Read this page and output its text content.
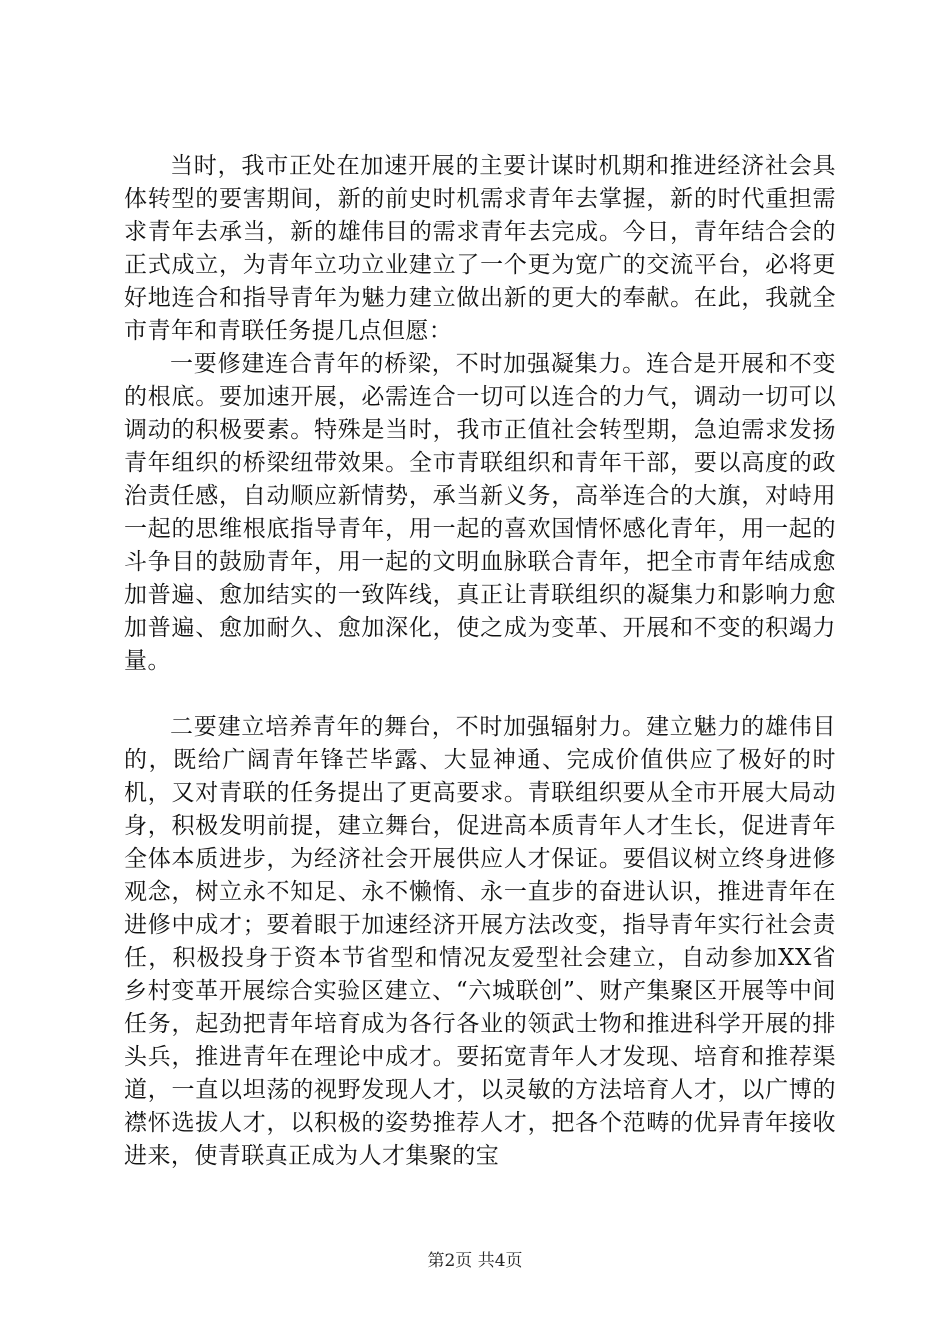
当时，我市正处在加速开展的主要计谋时机期和推进经济社会具体转型的要害期间，新的前史时机需求青年去掌握，新的时代重担需求青年去承当，新的雄伟目的需求青年去完成。今日，青年结合会的正式成立，为青年立功立业建立了一个更为宽广的交流平台，必将更好地连合和指导青年为魅力建立做出新的更大的奉献。在此，我就全市青年和青联任务提几点但愿：

一要修建连合青年的桥梁，不时加强凝集力。连合是开展和不变的根底。要加速开展，必需连合一切可以连合的力气，调动一切可以调动的积极要素。特殊是当时，我市正值社会转型期，急迫需求发扬青年组织的桥梁纽带效果。全市青联组织和青年干部，要以高度的政治责任感，自动顺应新情势，承当新义务，高举连合的大旗，对峙用一起的思维根底指导青年，用一起的喜欢国情怀感化青年，用一起的斗争目的鼓励青年，用一起的文明血脉联合青年，把全市青年结成愈加普遍、愈加结实的一致阵线，真正让青联组织的凝集力和影响力愈加普遍、愈加耐久、愈加深化，使之成为变革、开展和不变的积竭力量。

二要建立培养青年的舞台，不时加强辐射力。建立魅力的雄伟目的，既给广阔青年锋芒毕露、大显神通、完成价值供应了极好的时机，又对青联的任务提出了更高要求。青联组织要从全市开展大局动身，积极发明前提，建立舞台，促进高本质青年人才生长，促进青年全体本质进步，为经济社会开展供应人才保证。要倡议树立终身进修观念，树立永不知足、永不懒惰、永一直步的奋进认识，推进青年在进修中成才；要着眼于加速经济开展方法改变，指导青年实行社会责任，积极投身于资本节省型和情况友爱型社会建立，自动参加XX省乡村变革开展综合实验区建立、“六城联创”、财产集聚区开展等中间任务，起劲把青年培育成为各行各业的领武士物和推进科学开展的排头兵，推进青年在理论中成才。要拓宽青年人才发现、培育和推荐渠道，一直以坦荡的视野发现人才，以灵敏的方法培育人才，以广博的襟怀选拔人才，以积极的姿势推荐人才，把各个范畴的优异青年接收进来，使青联真正成为人才集聚的宝

第2页 共4页
